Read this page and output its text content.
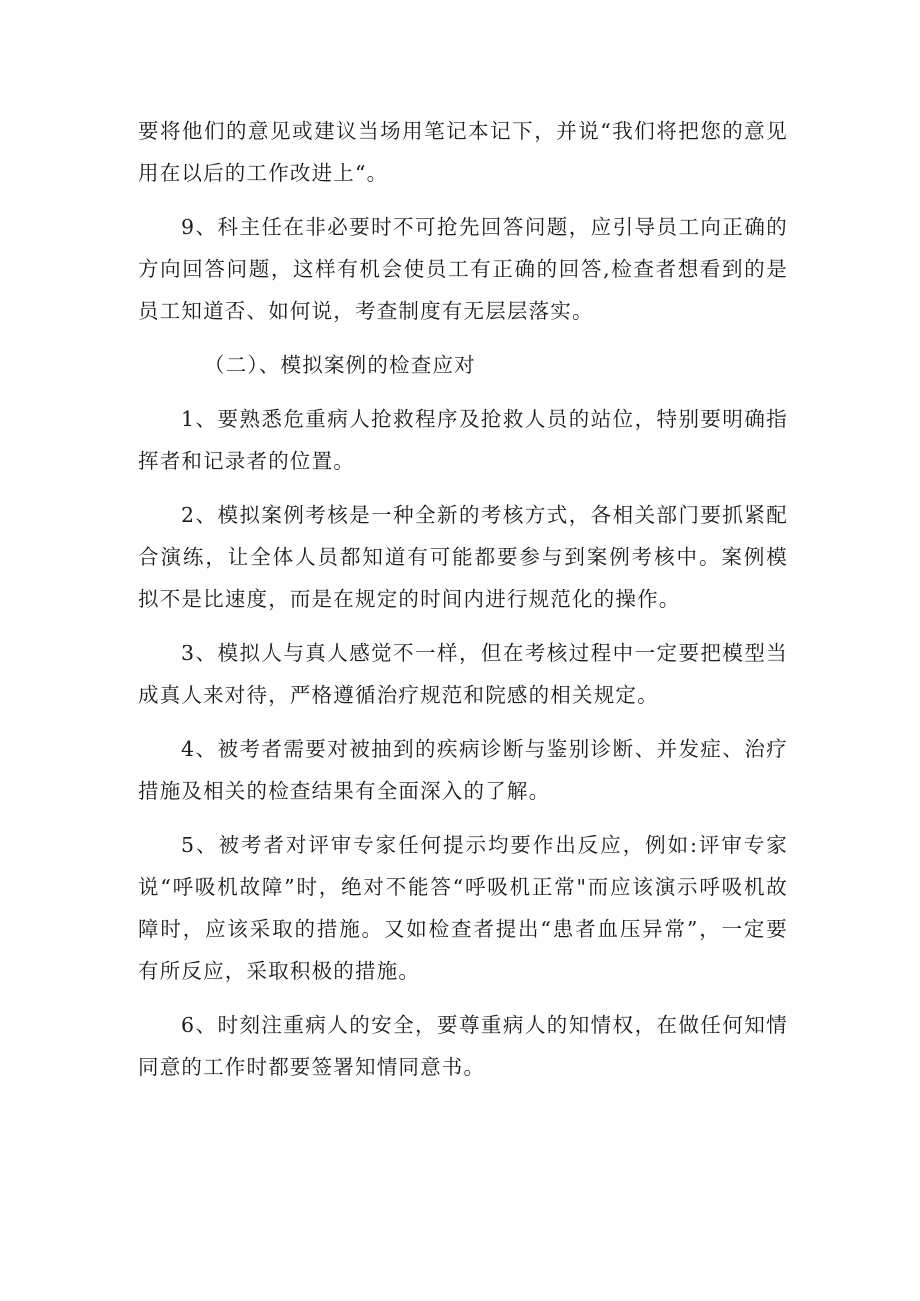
要将他们的意见或建议当场用笔记本记下，并说“我们将把您的意见用在以后的工作改进上“。

9、科主任在非必要时不可抢先回答问题，应引导员工向正确的方向回答问题，这样有机会使员工有正确的回答,检查者想看到的是员工知道否、如何说，考查制度有无层层落实。

（二）、模拟案例的检查应对

1、要熟悉危重病人抢救程序及抢救人员的站位，特别要明确指挥者和记录者的位置。

2、模拟案例考核是一种全新的考核方式，各相关部门要抓紧配合演练，让全体人员都知道有可能都要参与到案例考核中。案例模拟不是比速度，而是在规定的时间内进行规范化的操作。

3、模拟人与真人感觉不一样，但在考核过程中一定要把模型当成真人来对待，严格遵循治疗规范和院感的相关规定。

4、被考者需要对被抽到的疾病诊断与鉴别诊断、并发症、治疗措施及相关的检查结果有全面深入的了解。

5、被考者对评审专家任何提示均要作出反应，例如:评审专家说“呼吸机故障”时，绝对不能答“呼吸机正常"而应该演示呼吸机故障时，应该采取的措施。又如检查者提出“患者血压异常”，一定要有所反应，采取积极的措施。

6、时刻注重病人的安全，要尊重病人的知情权，在做任何知情同意的工作时都要签署知情同意书。
